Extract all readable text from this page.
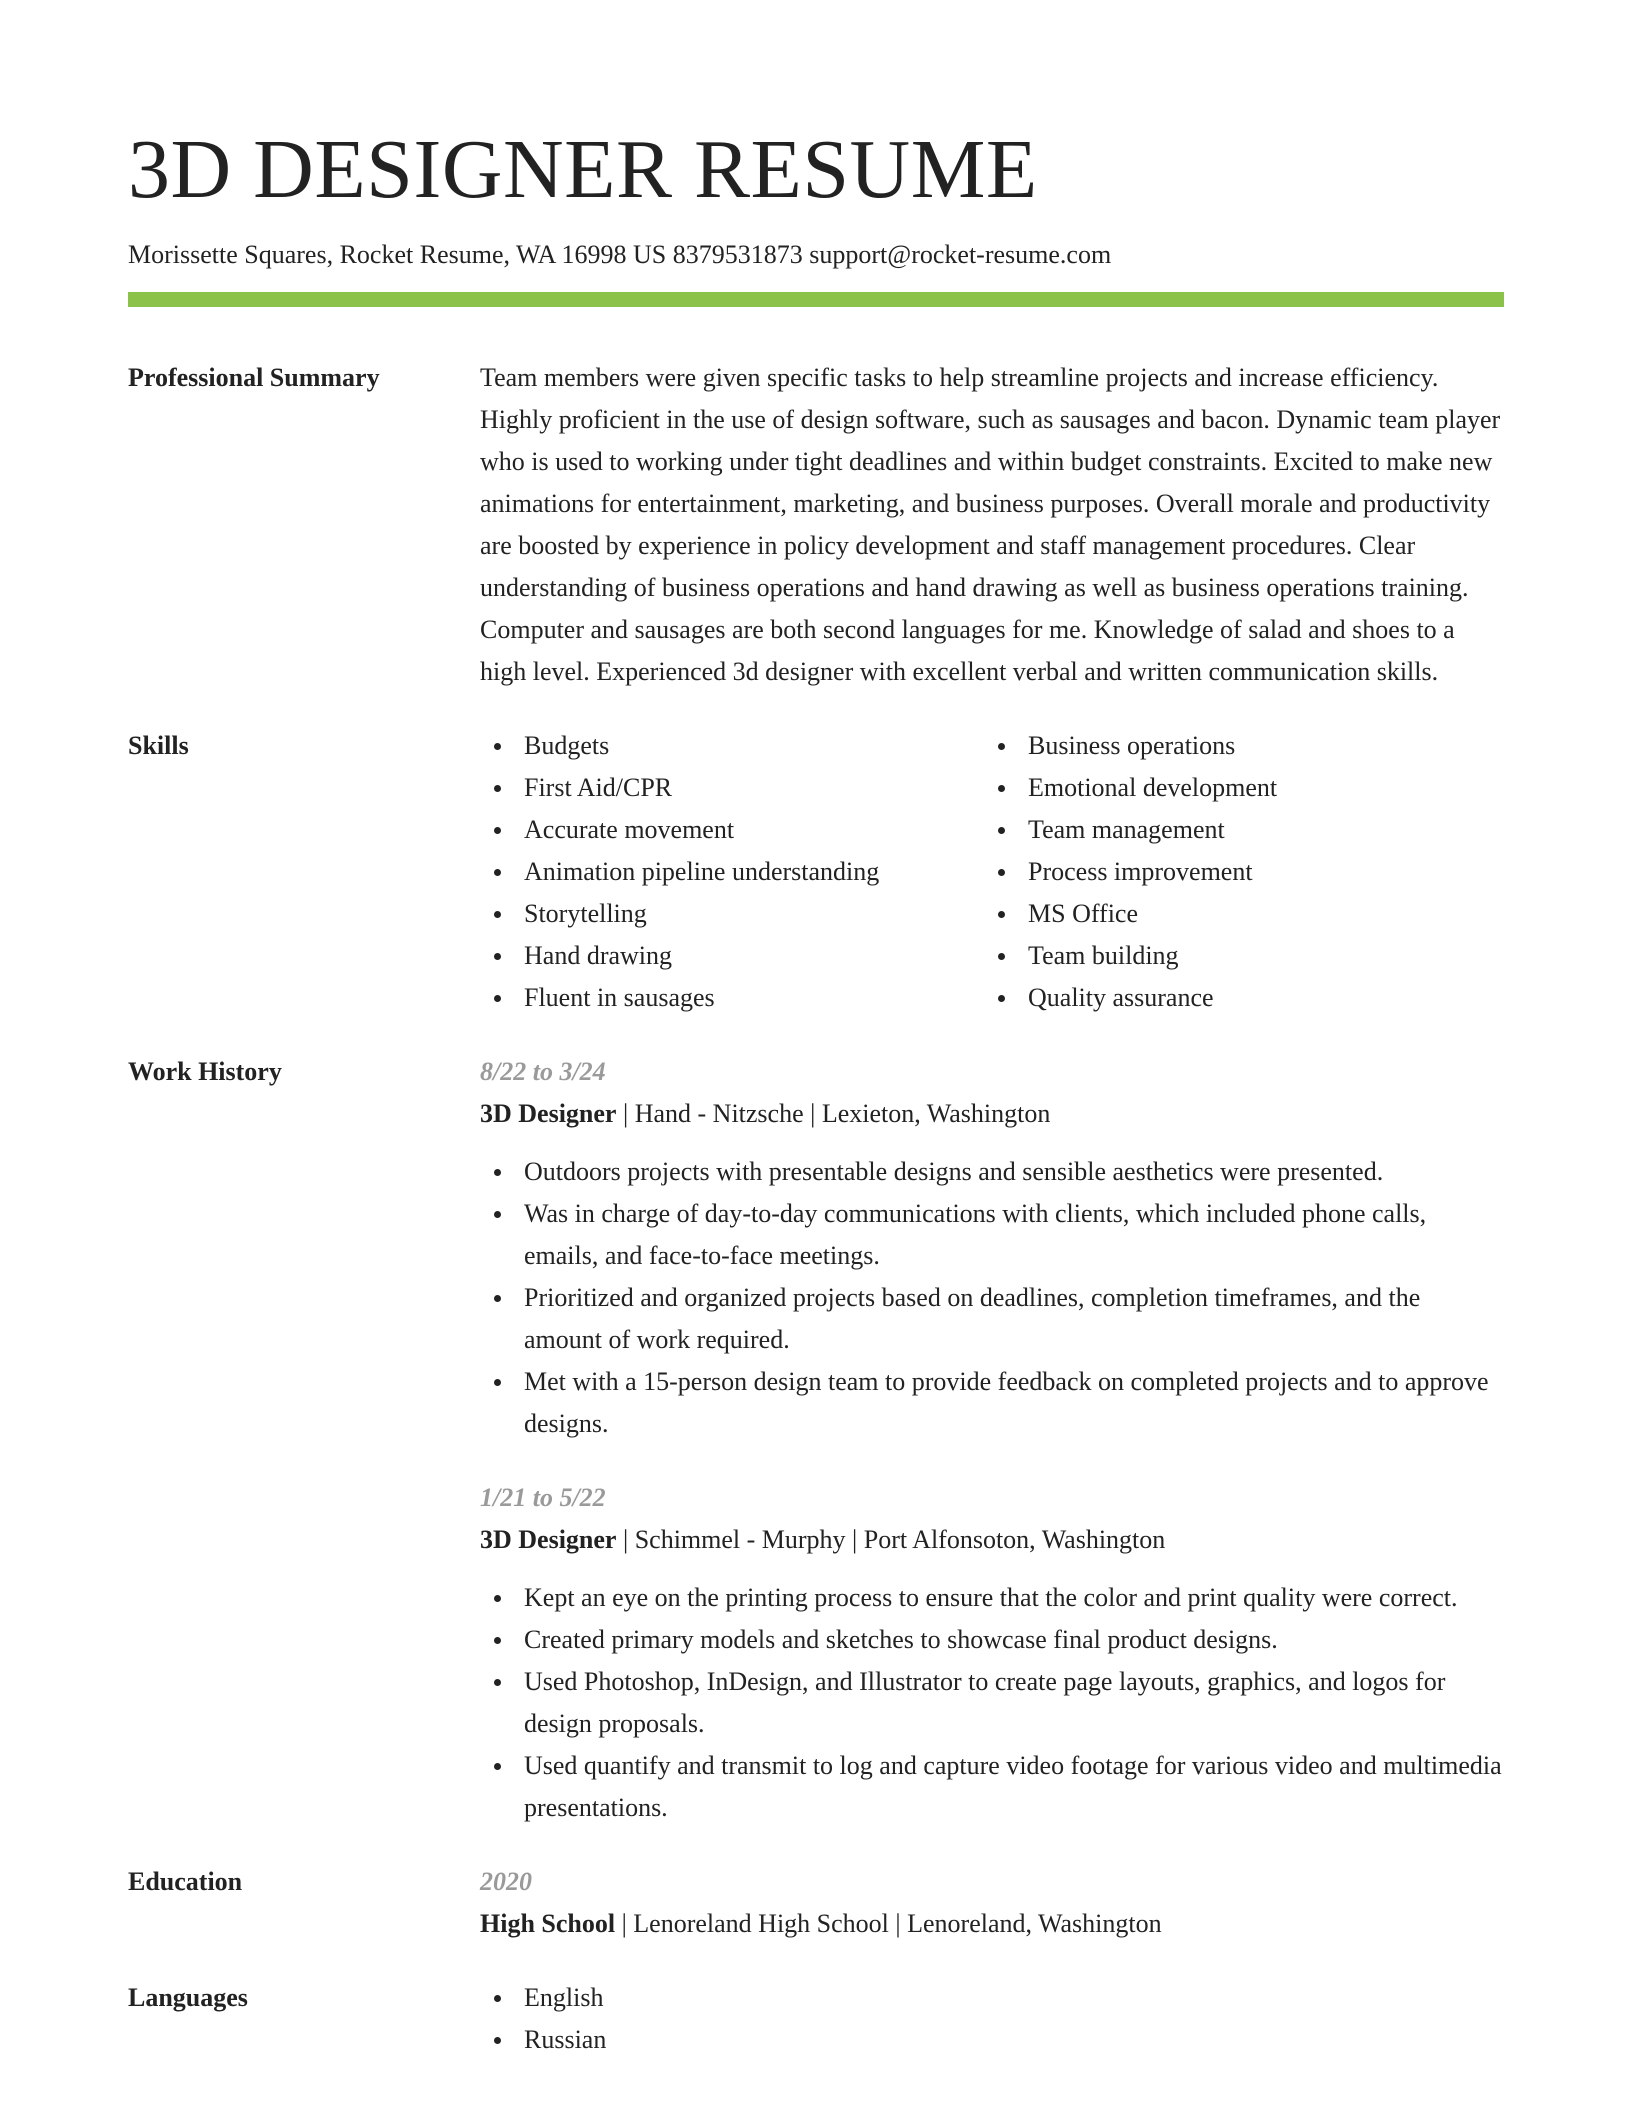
3D DESIGNER RESUME
Morissette Squares, Rocket Resume, WA 16998 US 8379531873 support@rocket-resume.com
Professional Summary	Team members were given specific tasks to help streamline projects and increase efficiency. Highly proficient in the use of design software, such as sausages and bacon. Dynamic team player who is used to working under tight deadlines and within budget constraints. Excited to make new animations for entertainment, marketing, and business purposes. Overall morale and productivity are boosted by experience in policy development and staff management procedures. Clear understanding of business operations and hand drawing as well as business operations training. Computer and sausages are both second languages for me. Knowledge of salad and shoes to a high level. Experienced 3d designer with excellent verbal and written communication skills.

Skills	Budgets
First Aid/CPR
Accurate movement
Animation pipeline understanding
Storytelling
Hand drawing
Fluent in sausages
Business operations
Emotional development
Team management
Process improvement
MS Office
Team building
Quality assurance
Work History	8/22 to 3/24
3D Designer | Hand - Nitzsche | Lexieton, Washington
Outdoors projects with presentable designs and sensible aesthetics were presented.
Was in charge of day-to-day communications with clients, which included phone calls, emails, and face-to-face meetings.
Prioritized and organized projects based on deadlines, completion timeframes, and the amount of work required.
Met with a 15-person design team to provide feedback on completed projects and to approve designs.
1/21 to 5/22
3D Designer | Schimmel - Murphy | Port Alfonsoton, Washington
Kept an eye on the printing process to ensure that the color and print quality were correct.
Created primary models and sketches to showcase final product designs.
Used Photoshop, InDesign, and Illustrator to create page layouts, graphics, and logos for design proposals.
Used quantify and transmit to log and capture video footage for various video and multimedia presentations.
Education	2020
High School | Lenoreland High School | Lenoreland, Washington
Languages	English
Russian
